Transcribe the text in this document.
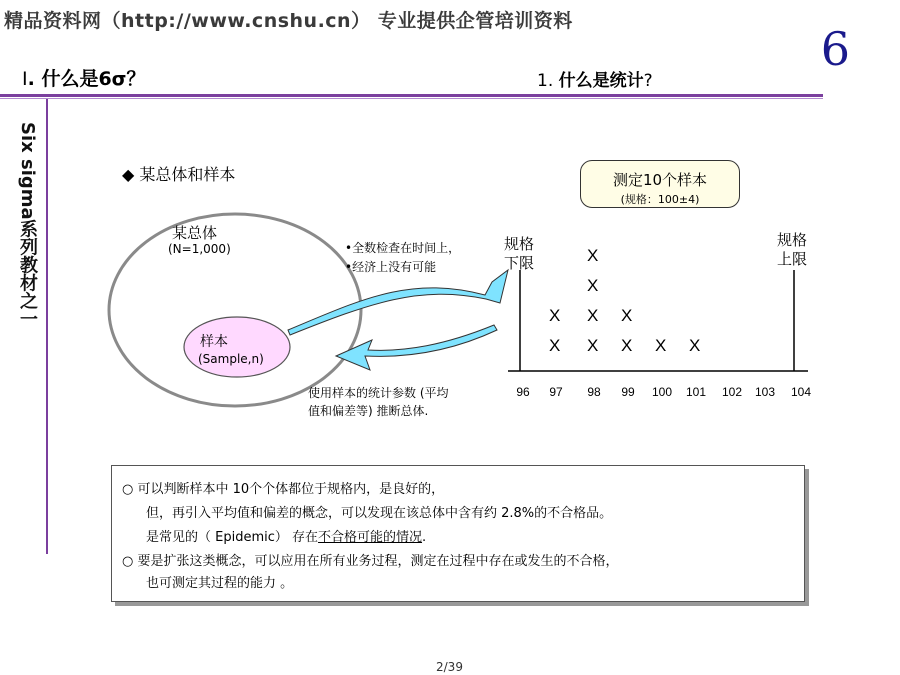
精品资料网（http://www.cnshu.cn） 专业提供企管培训资料
6
Ⅰ. 什么是6σ？	1. 什么是统计?
Six sigma系列教材之一	◆ 某总体和样本
某总体
(N=1,000)
样本
(Sample,n)
•全数检查在时间上，
•经济上没有可能
使用样本的统计参数 (平均
值和偏差等) 推断总体.
测定10个样本
(规格：100±4)
规格
下限
规格
上限
96	97
X
X
98
X
X
X
X
99
X
X
100
X
101
X
102 103 104
○ 可以判断样本中 10个个体都位于规格内，是良好的，
但，再引入平均值和偏差的概念，可以发现在该总体中含有约 2.8%的不合格品。
是常见的（ Epidemic） 存在不合格可能的情况.
○ 要是扩张这类概念，可以应用在所有业务过程，测定在过程中存在或发生的不合格，
也可测定其过程的能力 。
2/39
